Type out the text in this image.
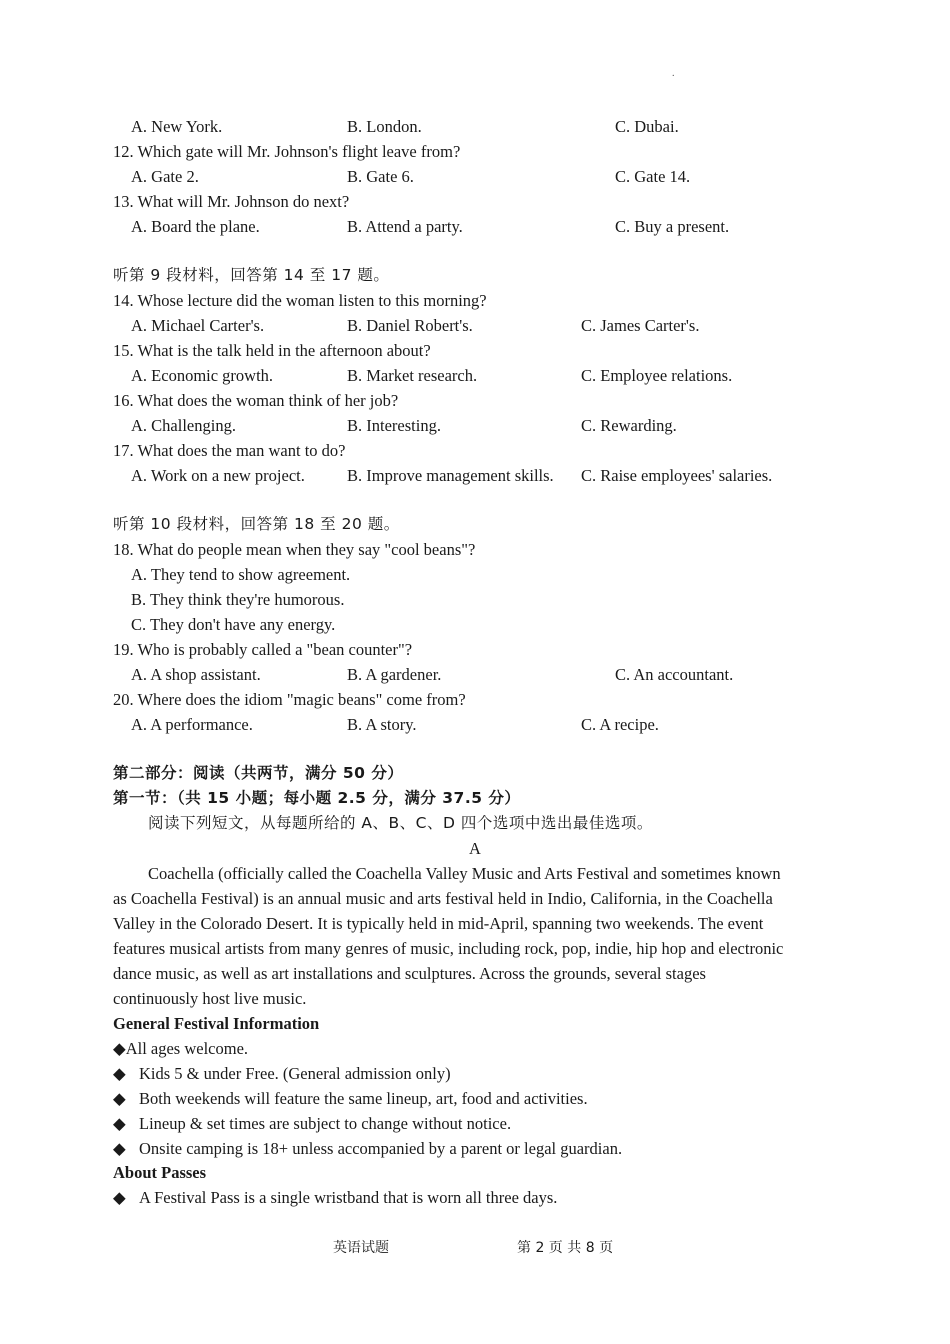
.
A. New York.	B. London.	C. Dubai.
12. Which gate will Mr. Johnson's flight leave from?
A. Gate 2.	B. Gate 6.	C. Gate 14.
13. What will Mr. Johnson do next?
A. Board the plane.	B. Attend a party.	C. Buy a present.
听第 9 段材料，回答第 14 至 17 题。
14. Whose lecture did the woman listen to this morning?
A. Michael Carter's.	B. Daniel Robert's.	C. James Carter's.
15. What is the talk held in the afternoon about?
A. Economic growth.	B. Market research.	C. Employee relations.
16. What does the woman think of her job?
A. Challenging.	B. Interesting.	C. Rewarding.
17. What does the man want to do?
A. Work on a new project.	B. Improve management skills. C. Raise employees' salaries.
听第 10 段材料，回答第 18 至 20 题。
18. What do people mean when they say "cool beans"?
A. They tend to show agreement.
B. They think they're humorous.
C. They don't have any energy.
19. Who is probably called a "bean counter"?
A. A shop assistant.	B. A gardener.	C. An accountant.
20. Where does the idiom "magic beans" come from?
A. A performance.	B. A story.	C. A recipe.
第二部分：阅读（共两节，满分 50 分）
第一节：（共 15 小题；每小题 2.5 分，满分 37.5 分）
阅读下列短文，从每题所给的 A、B、C、D 四个选项中选出最佳选项。
A
Coachella (officially called the Coachella Valley Music and Arts Festival and sometimes known
as Coachella Festival) is an annual music and arts festival held in Indio, California, in the Coachella
Valley in the Colorado Desert. It is typically held in mid-April, spanning two weekends. The event
features musical artists from many genres of music, including rock, pop, indie, hip hop and electronic
dance music, as well as art installations and sculptures. Across the grounds, several stages
continuously host live music.
General Festival Information
◆All ages welcome.
◆ Kids 5 & under Free. (General admission only)
◆ Both weekends will feature the same lineup, art, food and activities.
◆ Lineup & set times are subject to change without notice.
◆ Onsite camping is 18+ unless accompanied by a parent or legal guardian.
About Passes
◆ A Festival Pass is a single wristband that is worn all three days.
英语试题	第 2 页 共 8 页
